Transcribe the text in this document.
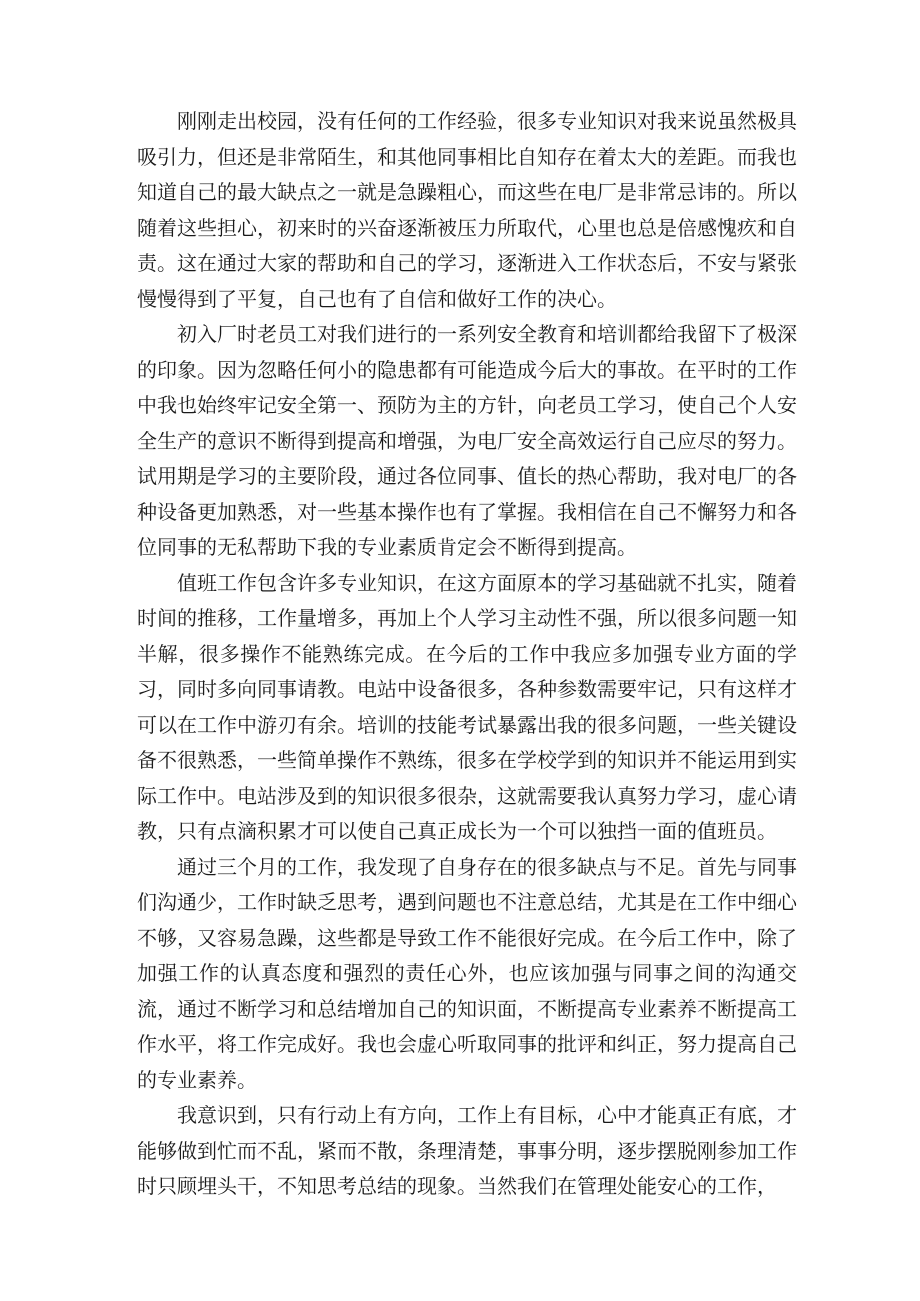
刚刚走出校园，没有任何的工作经验，很多专业知识对我来说虽然极具吸引力，但还是非常陌生，和其他同事相比自知存在着太大的差距。而我也知道自己的最大缺点之一就是急躁粗心，而这些在电厂是非常忌讳的。所以随着这些担心，初来时的兴奋逐渐被压力所取代，心里也总是倍感愧疚和自责。这在通过大家的帮助和自己的学习，逐渐进入工作状态后，不安与紧张慢慢得到了平复，自己也有了自信和做好工作的决心。

初入厂时老员工对我们进行的一系列安全教育和培训都给我留下了极深的印象。因为忽略任何小的隐患都有可能造成今后大的事故。在平时的工作中我也始终牢记安全第一、预防为主的方针，向老员工学习，使自己个人安全生产的意识不断得到提高和增强，为电厂安全高效运行自己应尽的努力。试用期是学习的主要阶段，通过各位同事、值长的热心帮助，我对电厂的各种设备更加熟悉，对一些基本操作也有了掌握。我相信在自己不懈努力和各位同事的无私帮助下我的专业素质肯定会不断得到提高。

值班工作包含许多专业知识，在这方面原本的学习基础就不扎实，随着时间的推移，工作量增多，再加上个人学习主动性不强，所以很多问题一知半解，很多操作不能熟练完成。在今后的工作中我应多加强专业方面的学习，同时多向同事请教。电站中设备很多，各种参数需要牢记，只有这样才可以在工作中游刃有余。培训的技能考试暴露出我的很多问题，一些关键设备不很熟悉，一些简单操作不熟练，很多在学校学到的知识并不能运用到实际工作中。电站涉及到的知识很多很杂，这就需要我认真努力学习，虚心请教，只有点滴积累才可以使自己真正成长为一个可以独挡一面的值班员。

通过三个月的工作，我发现了自身存在的很多缺点与不足。首先与同事们沟通少，工作时缺乏思考，遇到问题也不注意总结，尤其是在工作中细心不够，又容易急躁，这些都是导致工作不能很好完成。在今后工作中，除了加强工作的认真态度和强烈的责任心外，也应该加强与同事之间的沟通交流，通过不断学习和总结增加自己的知识面，不断提高专业素养不断提高工作水平，将工作完成好。我也会虚心听取同事的批评和纠正，努力提高自己的专业素养。

我意识到，只有行动上有方向，工作上有目标，心中才能真正有底，才能够做到忙而不乱，紧而不散，条理清楚，事事分明，逐步摆脱刚参加工作时只顾埋头干，不知思考总结的现象。当然我们在管理处能安心的工作，
